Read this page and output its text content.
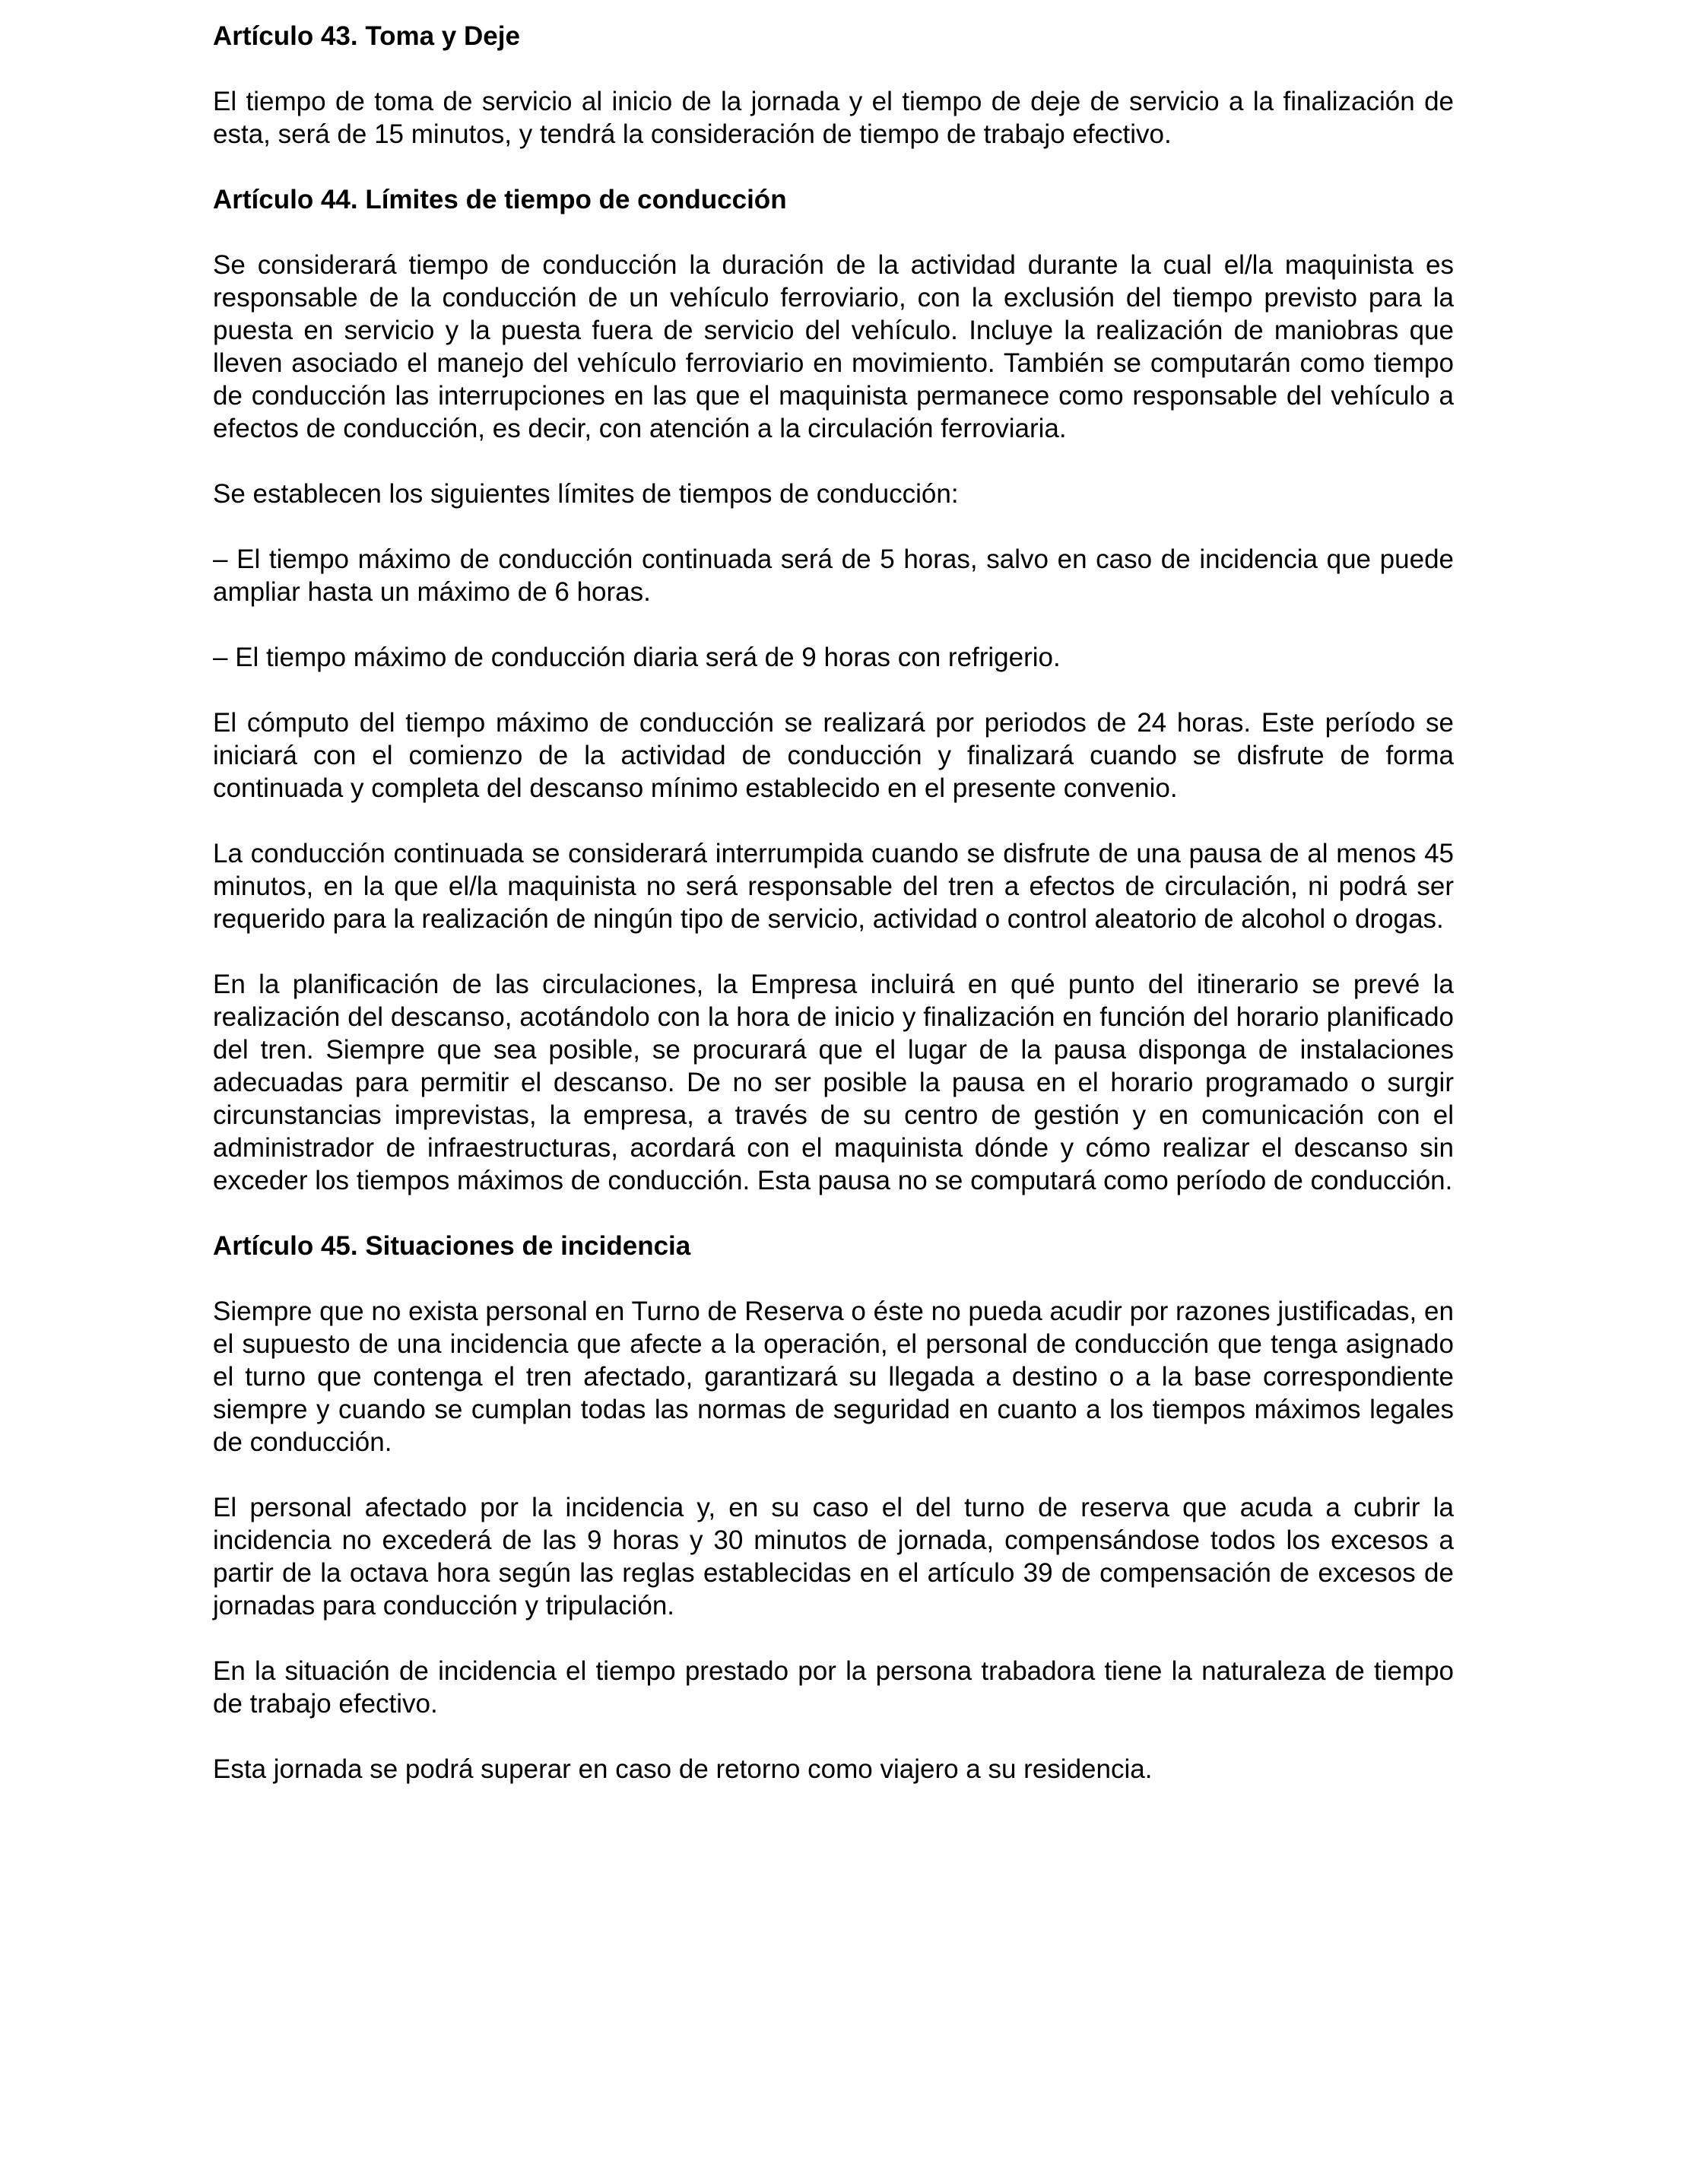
Artículo 43. Toma y Deje

El tiempo de toma de servicio al inicio de la jornada y el tiempo de deje de servicio a la finalización de esta, será de 15 minutos, y tendrá la consideración de tiempo de trabajo efectivo.

Artículo 44. Límites de tiempo de conducción

Se considerará tiempo de conducción la duración de la actividad durante la cual el/la maquinista es responsable de la conducción de un vehículo ferroviario, con la exclusión del tiempo previsto para la puesta en servicio y la puesta fuera de servicio del vehículo. Incluye la realización de maniobras que lleven asociado el manejo del vehículo ferroviario en movimiento. También se computarán como tiempo de conducción las interrupciones en las que el maquinista permanece como responsable del vehículo a efectos de conducción, es decir, con atención a la circulación ferroviaria.

Se establecen los siguientes límites de tiempos de conducción:

– El tiempo máximo de conducción continuada será de 5 horas, salvo en caso de incidencia que puede ampliar hasta un máximo de 6 horas.

– El tiempo máximo de conducción diaria será de 9 horas con refrigerio.

El cómputo del tiempo máximo de conducción se realizará por periodos de 24 horas. Este período se iniciará con el comienzo de la actividad de conducción y finalizará cuando se disfrute de forma continuada y completa del descanso mínimo establecido en el presente convenio.

La conducción continuada se considerará interrumpida cuando se disfrute de una pausa de al menos 45 minutos, en la que el/la maquinista no será responsable del tren a efectos de circulación, ni podrá ser requerido para la realización de ningún tipo de servicio, actividad o control aleatorio de alcohol o drogas.

En la planificación de las circulaciones, la Empresa incluirá en qué punto del itinerario se prevé la realización del descanso, acotándolo con la hora de inicio y finalización en función del horario planificado del tren. Siempre que sea posible, se procurará que el lugar de la pausa disponga de instalaciones adecuadas para permitir el descanso. De no ser posible la pausa en el horario programado o surgir circunstancias imprevistas, la empresa, a través de su centro de gestión y en comunicación con el administrador de infraestructuras, acordará con el maquinista dónde y cómo realizar el descanso sin exceder los tiempos máximos de conducción. Esta pausa no se computará como período de conducción.

Artículo 45. Situaciones de incidencia

Siempre que no exista personal en Turno de Reserva o éste no pueda acudir por razones justificadas, en el supuesto de una incidencia que afecte a la operación, el personal de conducción que tenga asignado el turno que contenga el tren afectado, garantizará su llegada a destino o a la base correspondiente siempre y cuando se cumplan todas las normas de seguridad en cuanto a los tiempos máximos legales de conducción.

El personal afectado por la incidencia y, en su caso el del turno de reserva que acuda a cubrir la incidencia no excederá de las 9 horas y 30 minutos de jornada, compensándose todos los excesos a partir de la octava hora según las reglas establecidas en el artículo 39 de compensación de excesos de jornadas para conducción y tripulación.

En la situación de incidencia el tiempo prestado por la persona trabadora tiene la naturaleza de tiempo de trabajo efectivo.

Esta jornada se podrá superar en caso de retorno como viajero a su residencia.
